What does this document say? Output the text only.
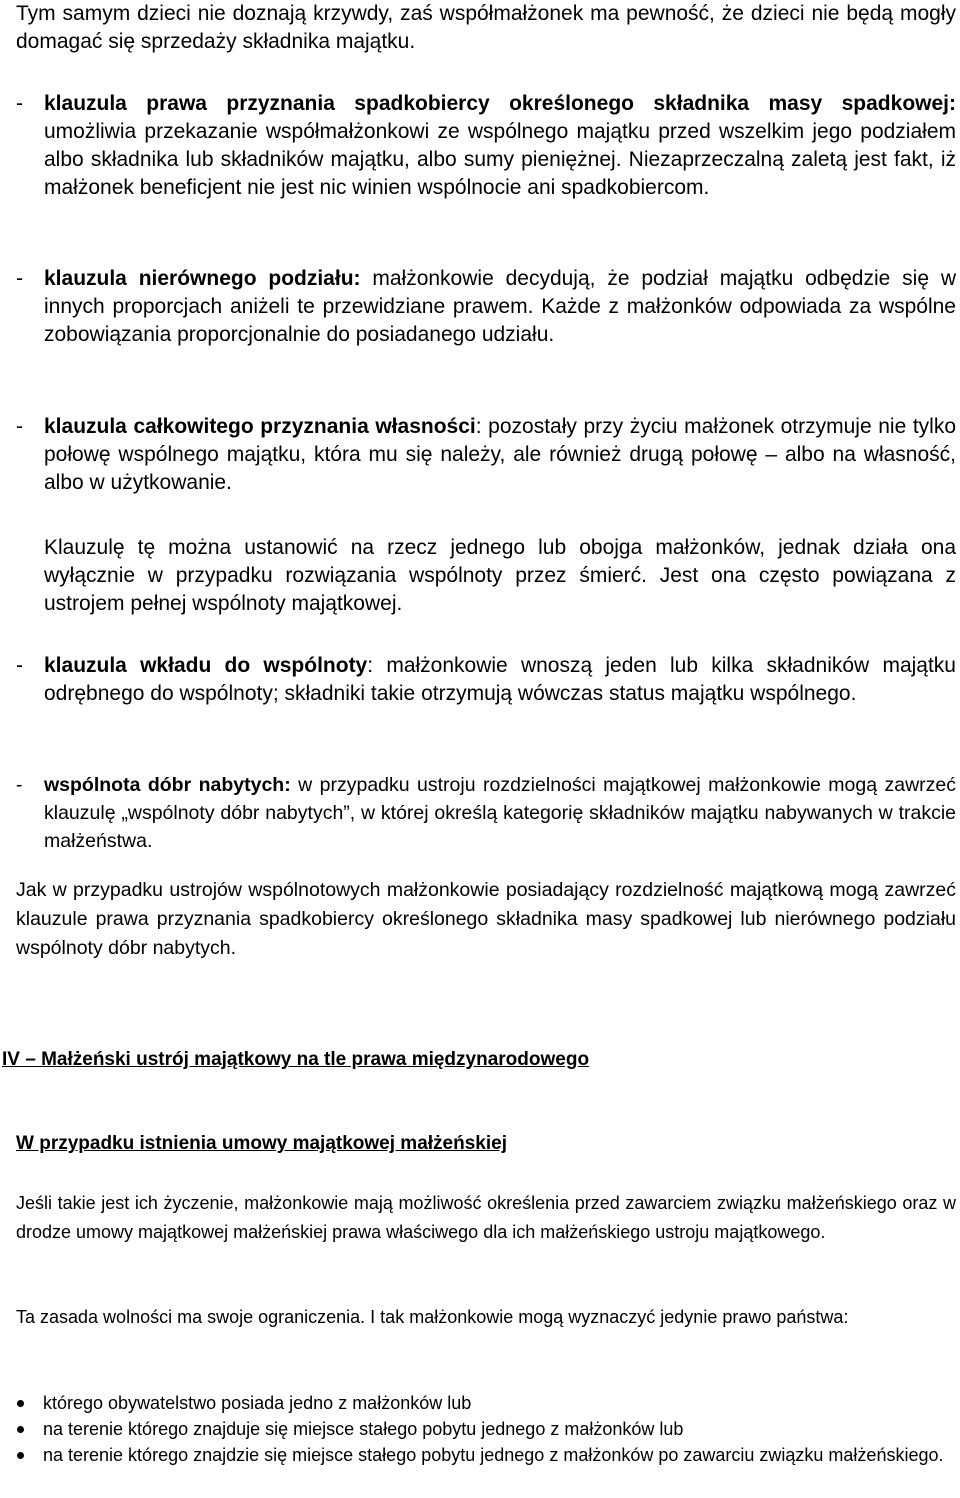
Tym samym dzieci nie doznają krzywdy, zaś współmałżonek ma pewność, że dzieci nie będą mogły domagać się sprzedaży składnika majątku.
-	klauzula prawa przyznania spadkobiercy określonego składnika masy spadkowej: umożliwia przekazanie współmałżonkowi ze wspólnego majątku przed wszelkim jego podziałem albo składnika lub składników majątku, albo sumy pieniężnej. Niezaprzeczalną zaletą jest fakt, iż małżonek beneficjent nie jest nic winien wspólnocie ani spadkobiercom.
-	klauzula nierównego podziału: małżonkowie decydują, że podział majątku odbędzie się w innych proporcjach aniżeli te przewidziane prawem. Każde z małżonków odpowiada za wspólne zobowiązania proporcjonalnie do posiadanego udziału.
-	klauzula całkowitego przyznania własności: pozostały przy życiu małżonek otrzymuje nie tylko połowę wspólnego majątku, która mu się należy, ale również drugą połowę – albo na własność, albo w użytkowanie.
Klauzulę tę można ustanowić na rzecz jednego lub obojga małżonków, jednak działa ona wyłącznie w przypadku rozwiązania wspólnoty przez śmierć. Jest ona często powiązana z ustrojem pełnej wspólnoty majątkowej.
-	klauzula wkładu do wspólnoty: małżonkowie wnoszą jeden lub kilka składników majątku odrębnego do wspólnoty; składniki takie otrzymują wówczas status majątku wspólnego.
-	wspólnota dóbr nabytych: w przypadku ustroju rozdzielności majątkowej małżonkowie mogą zawrzeć klauzulę „wspólnoty dóbr nabytych”, w której określą kategorię składników majątku nabywanych w trakcie małżeństwa.
Jak w przypadku ustrojów wspólnotowych małżonkowie posiadający rozdzielność majątkową mogą zawrzeć klauzule prawa przyznania spadkobiercy określonego składnika masy spadkowej lub nierównego podziału wspólnoty dóbr nabytych.
IV – Małżeński ustrój majątkowy na tle prawa międzynarodowego
W przypadku istnienia umowy majątkowej małżeńskiej
Jeśli takie jest ich życzenie, małżonkowie mają możliwość określenia przed zawarciem związku małżeńskiego oraz w drodze umowy majątkowej małżeńskiej prawa właściwego dla ich małżeńskiego ustroju majątkowego.
Ta zasada wolności ma swoje ograniczenia. I tak małżonkowie mogą wyznaczyć jedynie prawo państwa:
którego obywatelstwo posiada jedno z małżonków lub
na terenie którego znajduje się miejsce stałego pobytu jednego z małżonków lub
na terenie którego znajdzie się miejsce stałego pobytu jednego z małżonków po zawarciu związku małżeńskiego.
